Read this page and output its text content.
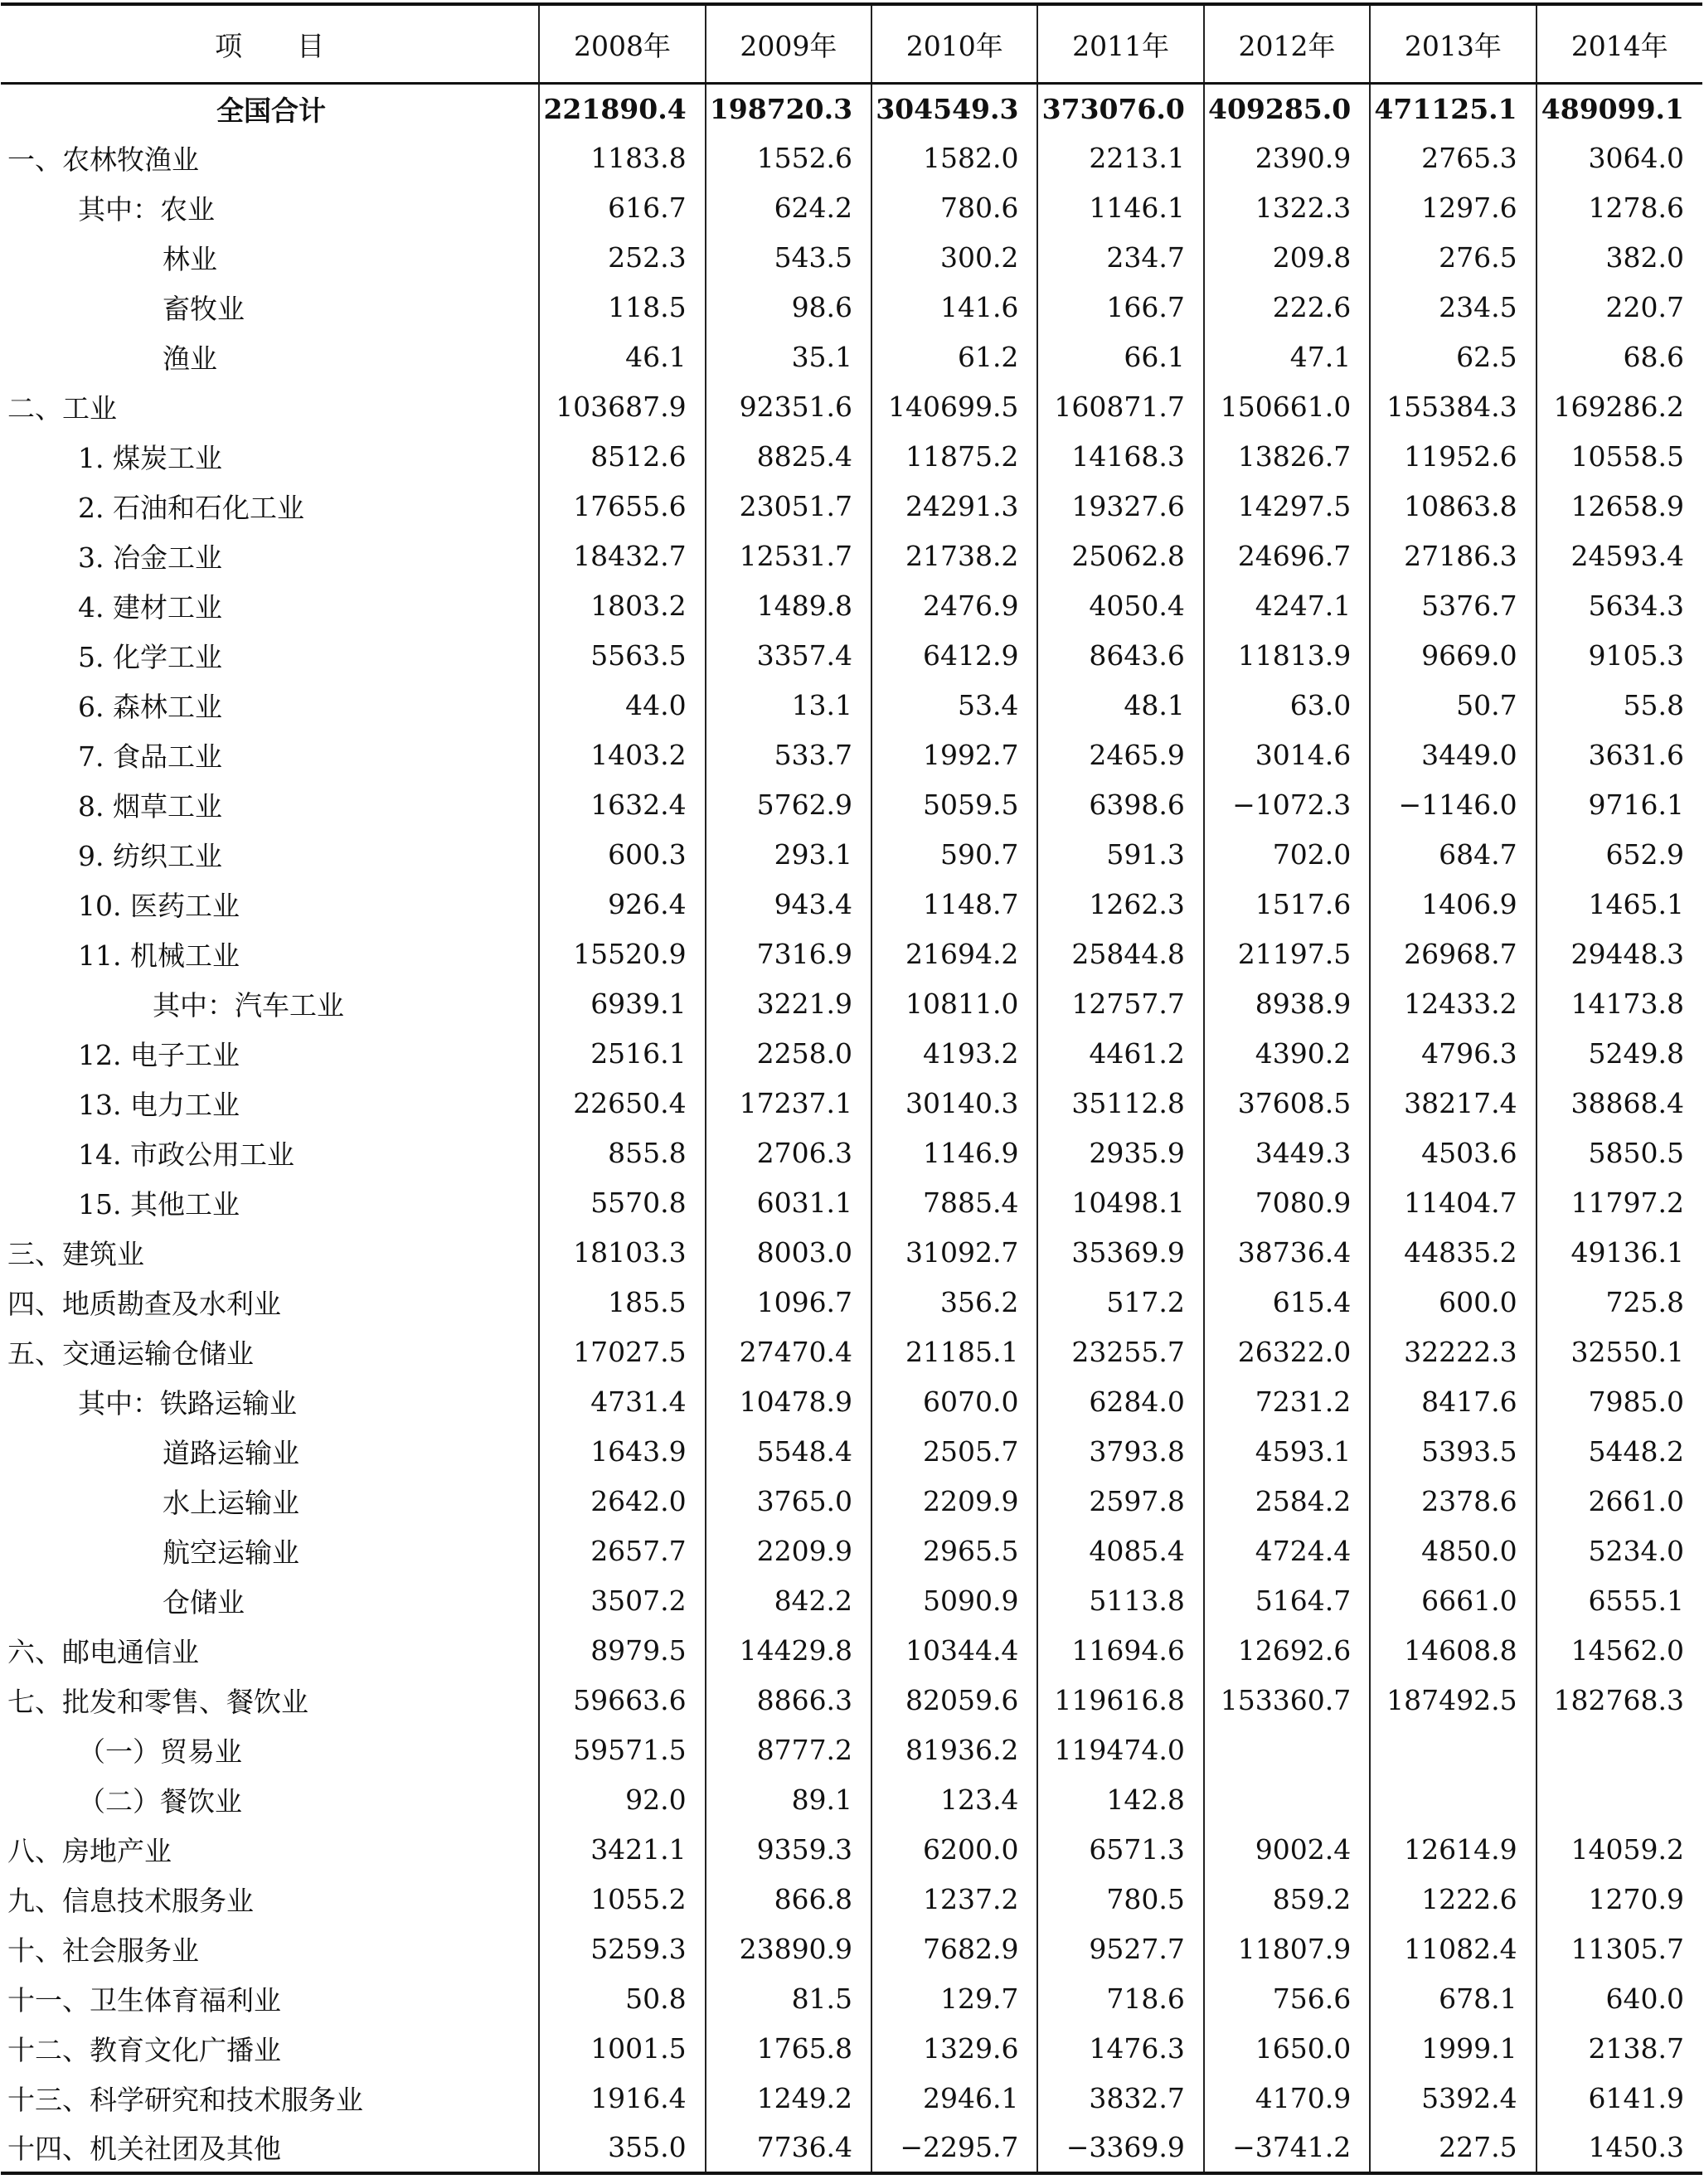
项　　目	2008年	2009年	2010年	2011年	2012年	2013年	2014年
全国合计	221890.4	198720.3	304549.3	373076.0	409285.0	471125.1	489099.1
一、农林牧渔业	1183.8	1552.6	1582.0	2213.1	2390.9	2765.3	3064.0
其中：农业	616.7	624.2	780.6	1146.1	1322.3	1297.6	1278.6
林业	252.3	543.5	300.2	234.7	209.8	276.5	382.0
畜牧业	118.5	98.6	141.6	166.7	222.6	234.5	220.7
渔业	46.1	35.1	61.2	66.1	47.1	62.5	68.6
二、工业	103687.9	92351.6	140699.5	160871.7	150661.0	155384.3	169286.2
1. 煤炭工业	8512.6	8825.4	11875.2	14168.3	13826.7	11952.6	10558.5
2. 石油和石化工业	17655.6	23051.7	24291.3	19327.6	14297.5	10863.8	12658.9
3. 冶金工业	18432.7	12531.7	21738.2	25062.8	24696.7	27186.3	24593.4
4. 建材工业	1803.2	1489.8	2476.9	4050.4	4247.1	5376.7	5634.3
5. 化学工业	5563.5	3357.4	6412.9	8643.6	11813.9	9669.0	9105.3
6. 森林工业	44.0	13.1	53.4	48.1	63.0	50.7	55.8
7. 食品工业	1403.2	533.7	1992.7	2465.9	3014.6	3449.0	3631.6
8. 烟草工业	1632.4	5762.9	5059.5	6398.6	−1072.3	−1146.0	9716.1
9. 纺织工业	600.3	293.1	590.7	591.3	702.0	684.7	652.9
10. 医药工业	926.4	943.4	1148.7	1262.3	1517.6	1406.9	1465.1
11. 机械工业	15520.9	7316.9	21694.2	25844.8	21197.5	26968.7	29448.3
其中：汽车工业	6939.1	3221.9	10811.0	12757.7	8938.9	12433.2	14173.8
12. 电子工业	2516.1	2258.0	4193.2	4461.2	4390.2	4796.3	5249.8
13. 电力工业	22650.4	17237.1	30140.3	35112.8	37608.5	38217.4	38868.4
14. 市政公用工业	855.8	2706.3	1146.9	2935.9	3449.3	4503.6	5850.5
15. 其他工业	5570.8	6031.1	7885.4	10498.1	7080.9	11404.7	11797.2
三、建筑业	18103.3	8003.0	31092.7	35369.9	38736.4	44835.2	49136.1
四、地质勘查及水利业	185.5	1096.7	356.2	517.2	615.4	600.0	725.8
五、交通运输仓储业	17027.5	27470.4	21185.1	23255.7	26322.0	32222.3	32550.1
其中：铁路运输业	4731.4	10478.9	6070.0	6284.0	7231.2	8417.6	7985.0
道路运输业	1643.9	5548.4	2505.7	3793.8	4593.1	5393.5	5448.2
水上运输业	2642.0	3765.0	2209.9	2597.8	2584.2	2378.6	2661.0
航空运输业	2657.7	2209.9	2965.5	4085.4	4724.4	4850.0	5234.0
仓储业	3507.2	842.2	5090.9	5113.8	5164.7	6661.0	6555.1
六、邮电通信业	8979.5	14429.8	10344.4	11694.6	12692.6	14608.8	14562.0
七、批发和零售、餐饮业	59663.6	8866.3	82059.6	119616.8	153360.7	187492.5	182768.3
（一）贸易业	59571.5	8777.2	81936.2	119474.0			
（二）餐饮业	92.0	89.1	123.4	142.8			
八、房地产业	3421.1	9359.3	6200.0	6571.3	9002.4	12614.9	14059.2
九、信息技术服务业	1055.2	866.8	1237.2	780.5	859.2	1222.6	1270.9
十、社会服务业	5259.3	23890.9	7682.9	9527.7	11807.9	11082.4	11305.7
十一、卫生体育福利业	50.8	81.5	129.7	718.6	756.6	678.1	640.0
十二、教育文化广播业	1001.5	1765.8	1329.6	1476.3	1650.0	1999.1	2138.7
十三、科学研究和技术服务业	1916.4	1249.2	2946.1	3832.7	4170.9	5392.4	6141.9
十四、机关社团及其他	355.0	7736.4	−2295.7	−3369.9	−3741.2	227.5	1450.3
